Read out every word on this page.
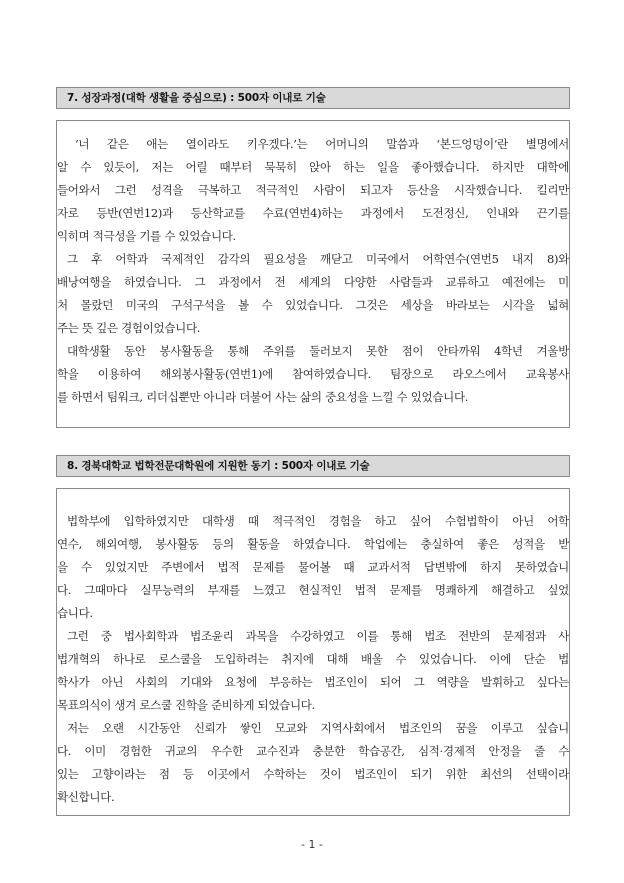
7. 성장과정(대학 생활을 중심으로) : 500자 이내로 기술
‘너 같은 애는 열이라도 키우겠다.’는 어머니의 말씀과 ‘본드엉덩이’란 별명에서
알 수 있듯이, 저는 어릴 때부터 묵묵히 앉아 하는 일을 좋아했습니다. 하지만 대학에
들어와서 그런 성격을 극복하고 적극적인 사람이 되고자 등산을 시작했습니다. 킬리만
자로 등반(연번12)과 등산학교를 수료(연번4)하는 과정에서 도전정신, 인내와 끈기를
익히며 적극성을 기를 수 있었습니다.
그 후 어학과 국제적인 감각의 필요성을 깨닫고 미국에서 어학연수(연번5 내지 8)와
배낭여행을 하였습니다. 그 과정에서 전 세계의 다양한 사람들과 교류하고 예전에는 미
처 몰랐던 미국의 구석구석을 볼 수 있었습니다. 그것은 세상을 바라보는 시각을 넓혀
주는 뜻 깊은 경험이었습니다.
대학생활 동안 봉사활동을 통해 주위를 둘러보지 못한 점이 안타까워 4학년 겨울방
학을 이용하여 해외봉사활동(연번1)에 참여하였습니다. 팀장으로 라오스에서 교육봉사
를 하면서 팀워크, 리더십뿐만 아니라 더불어 사는 삶의 중요성을 느낄 수 있었습니다.
8. 경북대학교 법학전문대학원에 지원한 동기 : 500자 이내로 기술
법학부에 입학하였지만 대학생 때 적극적인 경험을 하고 싶어 수험법학이 아닌 어학
연수, 해외여행, 봉사활동 등의 활동을 하였습니다. 학업에는 충실하여 좋은 성적을 받
을 수 있었지만 주변에서 법적 문제를 물어볼 때 교과서적 답변밖에 하지 못하였습니
다. 그때마다 실무능력의 부재를 느꼈고 현실적인 법적 문제를 명쾌하게 해결하고 싶었
습니다.
그런 중 법사회학과 법조윤리 과목을 수강하였고 이를 통해 법조 전반의 문제점과 사
법개혁의 하나로 로스쿨을 도입하려는 취지에 대해 배울 수 있었습니다. 이에 단순 법
학사가 아닌 사회의 기대와 요청에 부응하는 법조인이 되어 그 역량을 발휘하고 싶다는
목표의식이 생겨 로스쿨 진학을 준비하게 되었습니다.
저는 오랜 시간동안 신뢰가 쌓인 모교와 지역사회에서 법조인의 꿈을 이루고 싶습니
다. 이미 경험한 귀교의 우수한 교수진과 충분한 학습공간, 심적·경제적 안정을 줄 수
있는 고향이라는 점 등 이곳에서 수학하는 것이 법조인이 되기 위한 최선의 선택이라
확신합니다.
- 1 -
